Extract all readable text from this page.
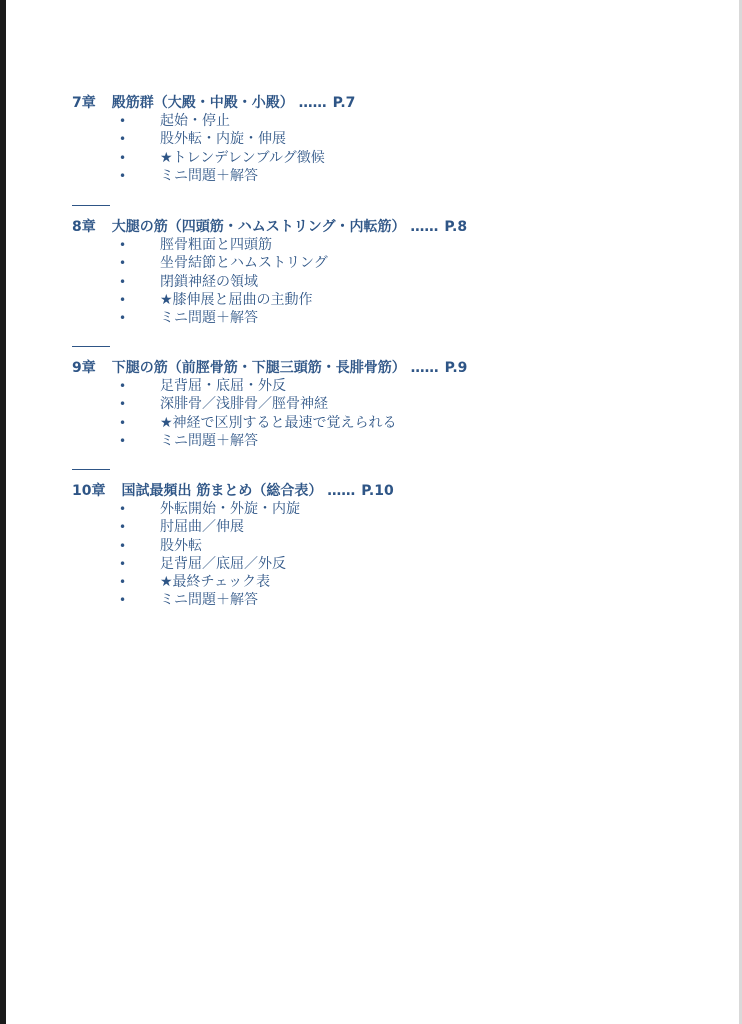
7章 殿筋群（大殿・中殿・小殿） …… P.7
• 起始・停止
• 股外転・内旋・伸展
• ★トレンデレンブルグ徴候
• ミニ問題＋解答
8章 大腿の筋（四頭筋・ハムストリング・内転筋） …… P.8
• 脛骨粗面と四頭筋
• 坐骨結節とハムストリング
• 閉鎖神経の領域
• ★膝伸展と屈曲の主動作
• ミニ問題＋解答
9章 下腿の筋（前脛骨筋・下腿三頭筋・長腓骨筋） …… P.9
• 足背屈・底屈・外反
• 深腓骨／浅腓骨／脛骨神経
• ★神経で区別すると最速で覚えられる
• ミニ問題＋解答
10章 国試最頻出 筋まとめ（総合表） …… P.10
• 外転開始・外旋・内旋
• 肘屈曲／伸展
• 股外転
• 足背屈／底屈／外反
• ★最終チェック表
• ミニ問題＋解答
